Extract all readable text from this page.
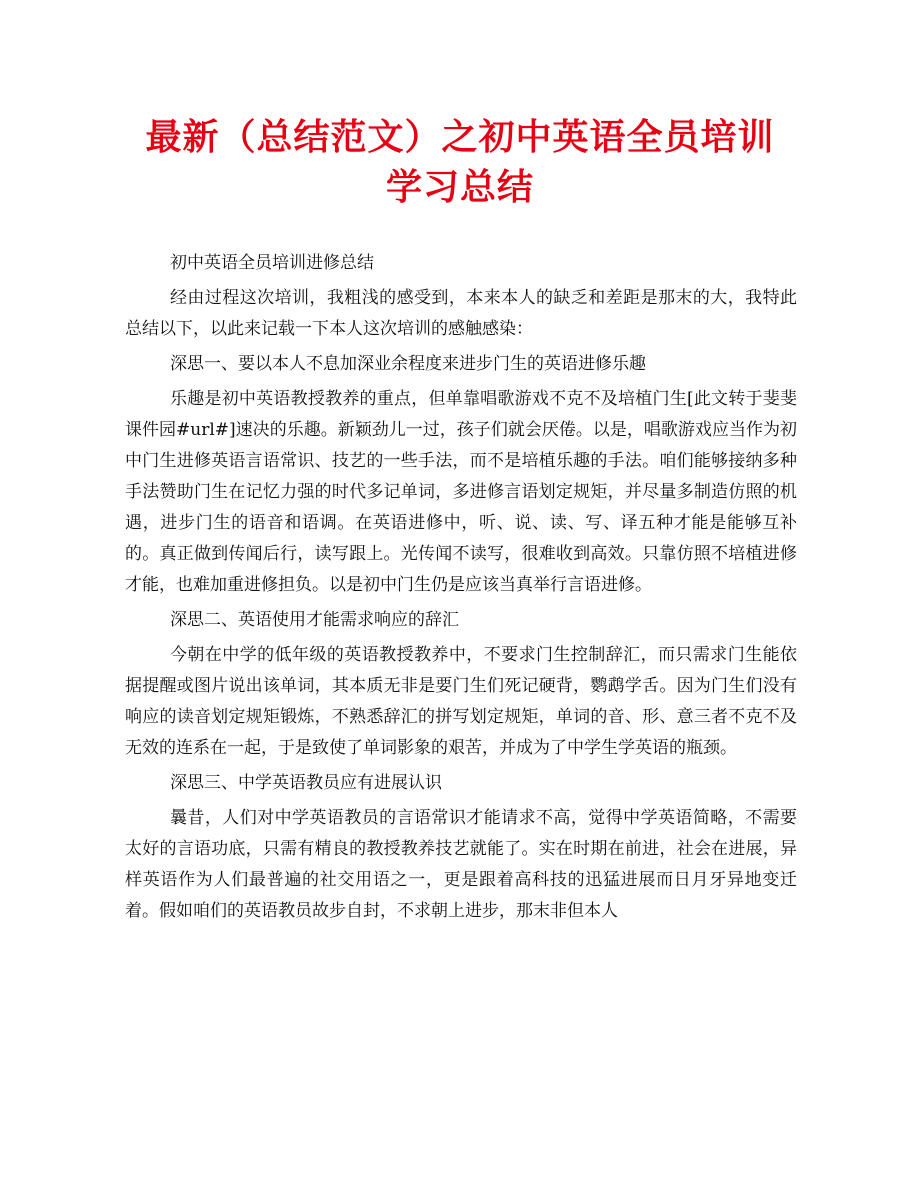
最新（总结范文）之初中英语全员培训
学习总结

初中英语全员培训进修总结

经由过程这次培训，我粗浅的感受到，本来本人的缺乏和差距是那末的大，我特此总结以下，以此来记载一下本人这次培训的感触感染：

深思一、要以本人不息加深业余程度来进步门生的英语进修乐趣

乐趣是初中英语教授教养的重点，但单靠唱歌游戏不克不及培植门生[此文转于斐斐课件园#url#]速决的乐趣。新颖劲儿一过，孩子们就会厌倦。以是，唱歌游戏应当作为初中门生进修英语言语常识、技艺的一些手法，而不是培植乐趣的手法。咱们能够接纳多种手法赞助门生在记忆力强的时代多记单词，多进修言语划定规矩，并尽量多制造仿照的机遇，进步门生的语音和语调。在英语进修中，听、说、读、写、译五种才能是能够互补的。真正做到传闻后行，读写跟上。光传闻不读写，很难收到高效。只靠仿照不培植进修才能，也难加重进修担负。以是初中门生仍是应该当真举行言语进修。

深思二、英语使用才能需求响应的辞汇

今朝在中学的低年级的英语教授教养中，不要求门生控制辞汇，而只需求门生能依据提醒或图片说出该单词，其本质无非是要门生们死记硬背，鹦鹉学舌。因为门生们没有响应的读音划定规矩锻炼，不熟悉辞汇的拼写划定规矩，单词的音、形、意三者不克不及无效的连系在一起，于是致使了单词影象的艰苦，并成为了中学生学英语的瓶颈。

深思三、中学英语教员应有进展认识

曩昔，人们对中学英语教员的言语常识才能请求不高，觉得中学英语简略，不需要太好的言语功底，只需有精良的教授教养技艺就能了。实在时期在前进，社会在进展，异样英语作为人们最普遍的社交用语之一，更是跟着高科技的迅猛进展而日月牙异地变迁着。假如咱们的英语教员故步自封，不求朝上进步，那末非但本人
